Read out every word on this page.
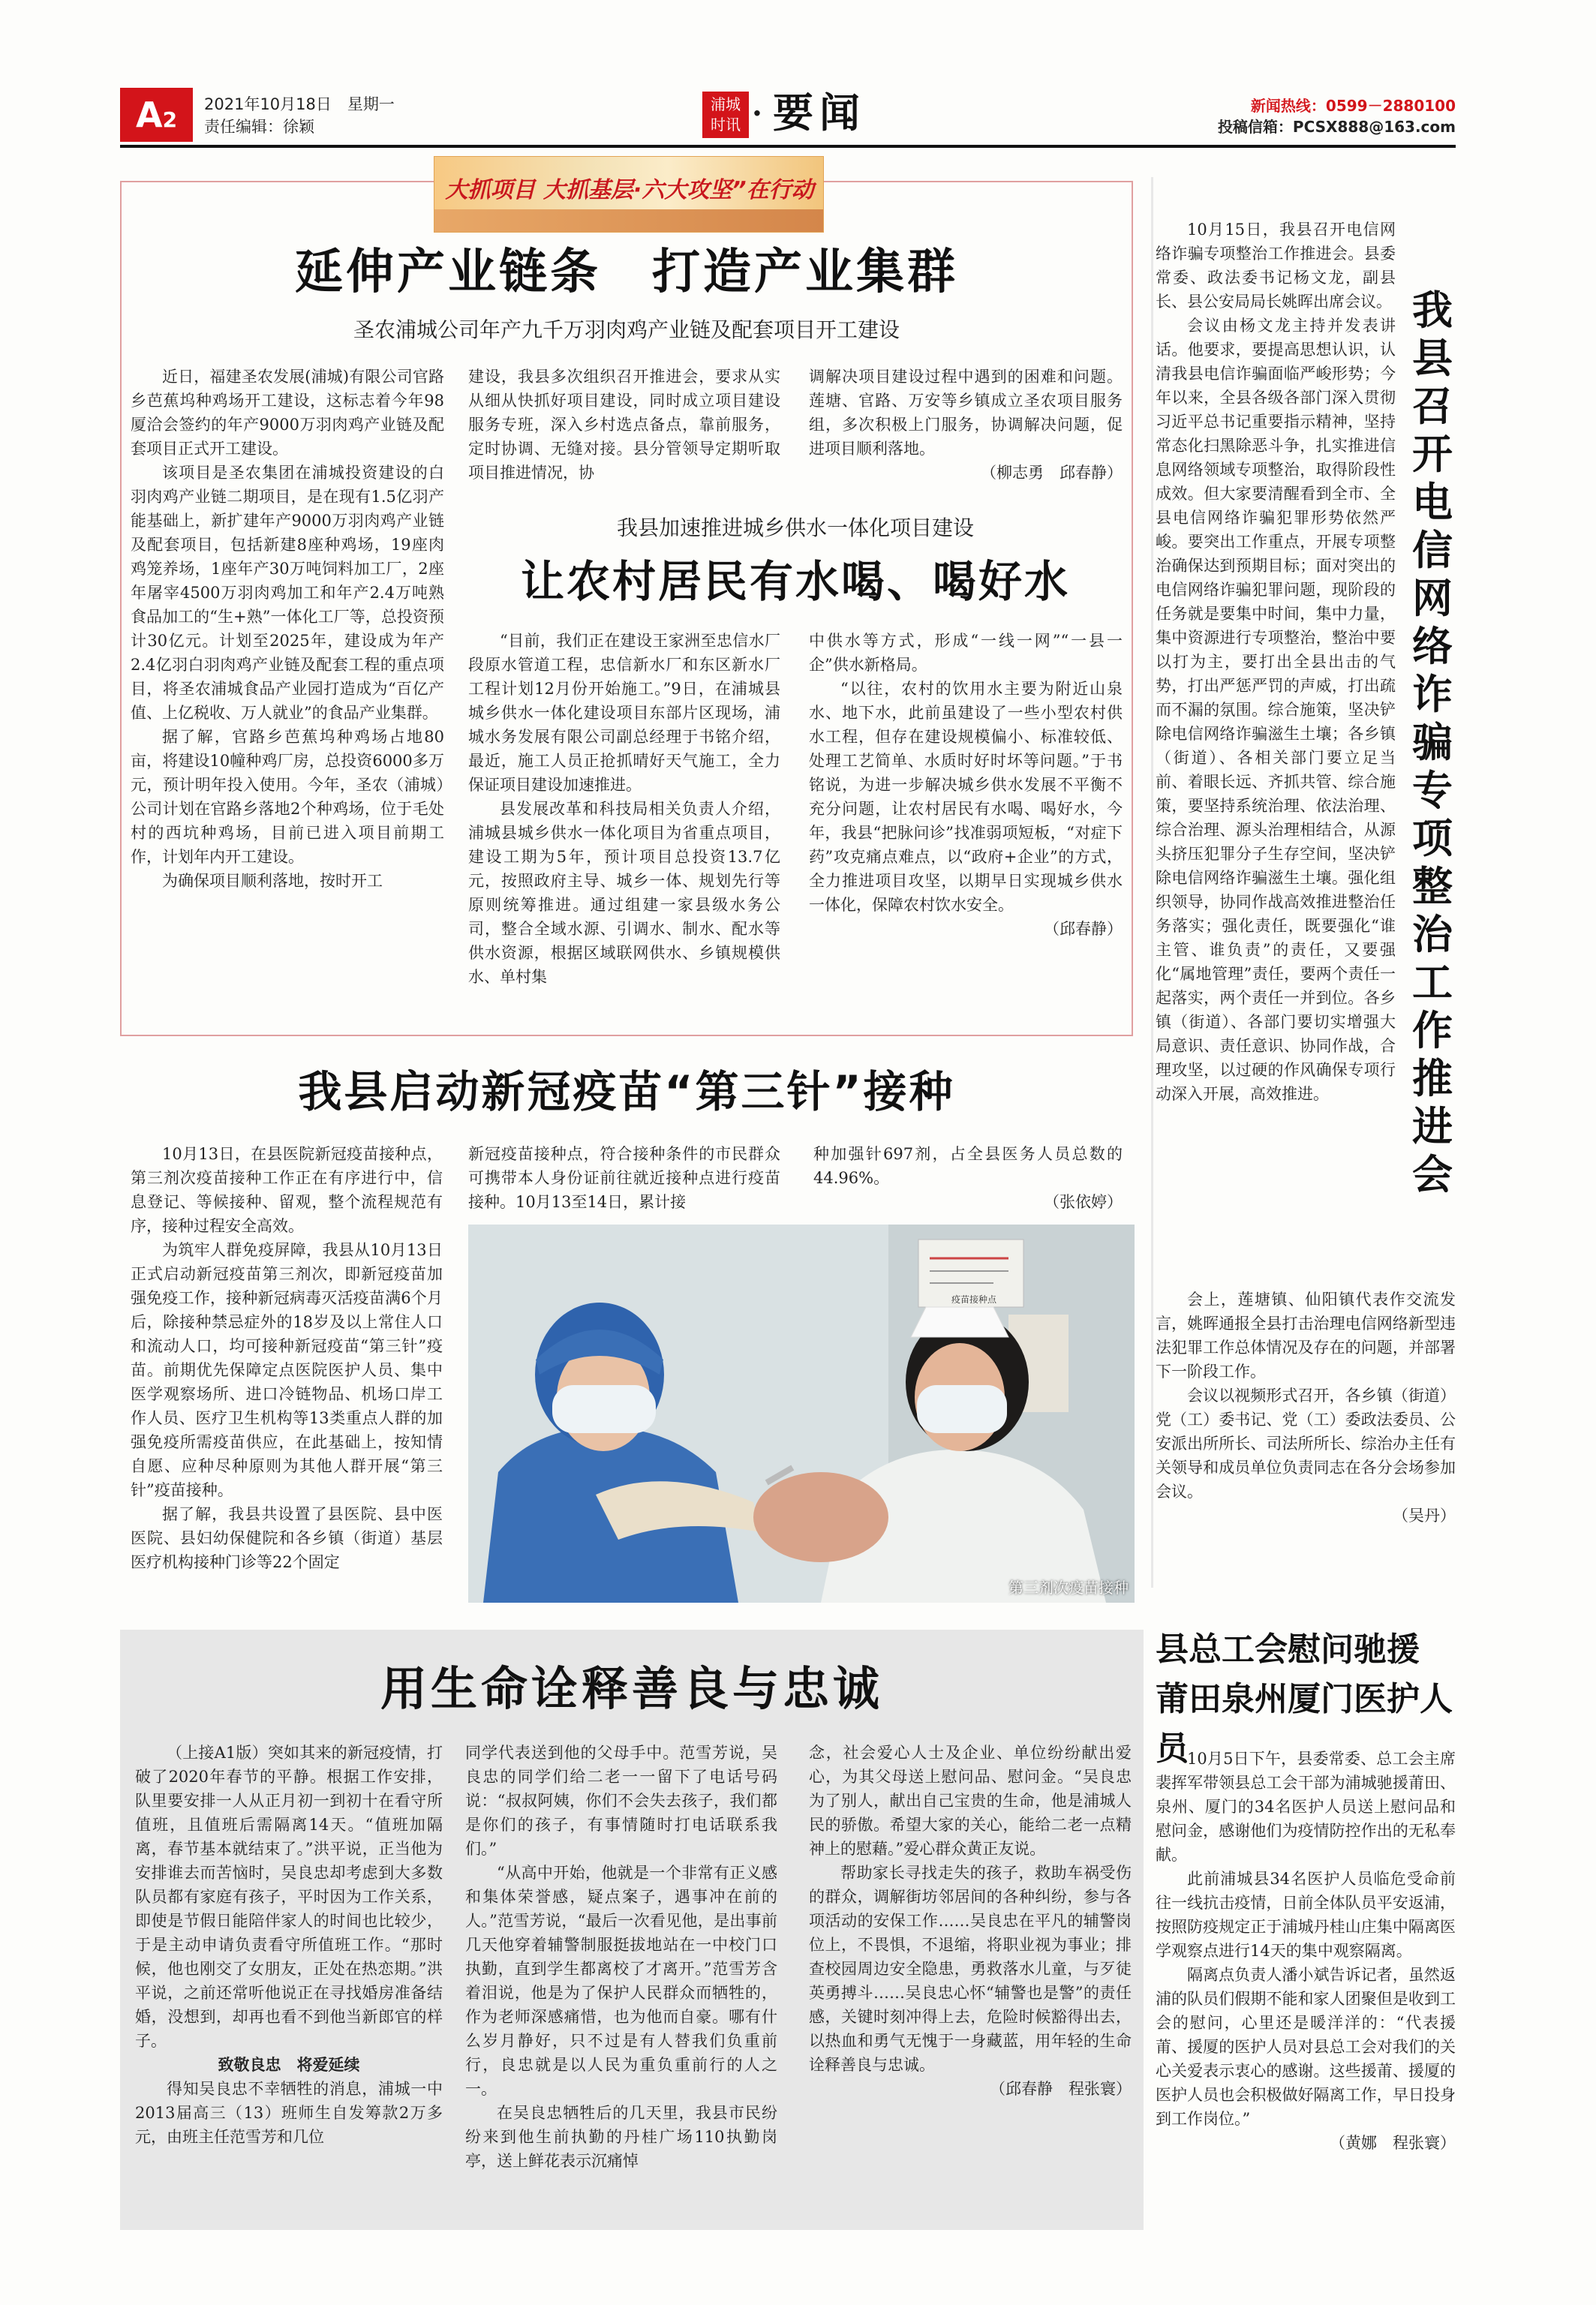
A2
2021年10月18日　星期一
责任编辑：徐颖
浦城
时讯 · 要闻	新闻热线：0599－2880100
投稿信箱：PCSX888@163.com
大抓项目 大抓基层·六大攻坚”在行动
延伸产业链条　打造产业集群
圣农浦城公司年产九千万羽肉鸡产业链及配套项目开工建设

近日，福建圣农发展(浦城)有限公司官路乡芭蕉坞种鸡场开工建设，这标志着今年98厦洽会签约的年产9000万羽肉鸡产业链及配套项目正式开工建设。

该项目是圣农集团在浦城投资建设的白羽肉鸡产业链二期项目，是在现有1.5亿羽产能基础上，新扩建年产9000万羽肉鸡产业链及配套项目，包括新建8座种鸡场，19座肉鸡笼养场，1座年产30万吨饲料加工厂，2座年屠宰4500万羽肉鸡加工和年产2.4万吨熟食品加工的“生+熟”一体化工厂等，总投资预计30亿元。计划至2025年，建设成为年产2.4亿羽白羽肉鸡产业链及配套工程的重点项目，将圣农浦城食品产业园打造成为“百亿产值、上亿税收、万人就业”的食品产业集群。

据了解，官路乡芭蕉坞种鸡场占地80亩，将建设10幢种鸡厂房，总投资6000多万元，预计明年投入使用。今年，圣农（浦城）公司计划在官路乡落地2个种鸡场，位于毛处村的西坑种鸡场，目前已进入项目前期工作，计划年内开工建设。

为确保项目顺利落地，按时开工

建设，我县多次组织召开推进会，要求从实从细从快抓好项目建设，同时成立项目建设服务专班，深入乡村选点备点，靠前服务，定时协调、无缝对接。县分管领导定期听取项目推进情况，协

调解决项目建设过程中遇到的困难和问题。莲塘、官路、万安等乡镇成立圣农项目服务组，多次积极上门服务，协调解决问题，促进项目顺利落地。

（柳志勇　邱春静）
我县加速推进城乡供水一体化项目建设
让农村居民有水喝、喝好水

“目前，我们正在建设王家洲至忠信水厂段原水管道工程，忠信新水厂和东区新水厂工程计划12月份开始施工。”9日，在浦城县城乡供水一体化建设项目东部片区现场，浦城水务发展有限公司副总经理于书铭介绍，最近，施工人员正抢抓晴好天气施工，全力保证项目建设加速推进。

县发展改革和科技局相关负责人介绍，浦城县城乡供水一体化项目为省重点项目，建设工期为5年，预计项目总投资13.7亿元，按照政府主导、城乡一体、规划先行等原则统筹推进。通过组建一家县级水务公司，整合全域水源、引调水、制水、配水等供水资源，根据区域联网供水、乡镇规模供水、单村集

中供水等方式，形成“一线一网”“一县一企”供水新格局。

“以往，农村的饮用水主要为附近山泉水、地下水，此前虽建设了一些小型农村供水工程，但存在建设规模偏小、标准较低、处理工艺简单、水质时好时坏等问题。”于书铭说，为进一步解决城乡供水发展不平衡不充分问题，让农村居民有水喝、喝好水，今年，我县“把脉问诊”找准弱项短板，“对症下药”攻克痛点难点，以“政府+企业”的方式，全力推进项目攻坚，以期早日实现城乡供水一体化，保障农村饮水安全。

（邱春静）
我县启动新冠疫苗“第三针”接种

10月13日，在县医院新冠疫苗接种点，第三剂次疫苗接种工作正在有序进行中，信息登记、等候接种、留观，整个流程规范有序，接种过程安全高效。

为筑牢人群免疫屏障，我县从10月13日正式启动新冠疫苗第三剂次，即新冠疫苗加强免疫工作，接种新冠病毒灭活疫苗满6个月后，除接种禁忌症外的18岁及以上常住人口和流动人口，均可接种新冠疫苗“第三针”疫苗。前期优先保障定点医院医护人员、集中医学观察场所、进口冷链物品、机场口岸工作人员、医疗卫生机构等13类重点人群的加强免疫所需疫苗供应，在此基础上，按知情自愿、应种尽种原则为其他人群开展“第三针”疫苗接种。

据了解，我县共设置了县医院、县中医医院、县妇幼保健院和各乡镇（街道）基层医疗机构接种门诊等22个固定

新冠疫苗接种点，符合接种条件的市民群众可携带本人身份证前往就近接种点进行疫苗接种。10月13至14日，累计接

种加强针697剂，占全县医务人员总数的44.96%。

（张依婷）
第三剂次疫苗接种
疫苗接种点
我县召开电信网络诈骗专项整治工作推进会

10月15日，我县召开电信网络诈骗专项整治工作推进会。县委常委、政法委书记杨文龙，副县长、县公安局局长姚晖出席会议。

会议由杨文龙主持并发表讲话。他要求，要提高思想认识，认清我县电信诈骗面临严峻形势；今年以来，全县各级各部门深入贯彻习近平总书记重要指示精神，坚持常态化扫黑除恶斗争，扎实推进信息网络领域专项整治，取得阶段性成效。但大家要清醒看到全市、全县电信网络诈骗犯罪形势依然严峻。要突出工作重点，开展专项整治确保达到预期目标；面对突出的电信网络诈骗犯罪问题，现阶段的任务就是要集中时间，集中力量，集中资源进行专项整治，整治中要以打为主，要打出全县出击的气势，打出严惩严罚的声威，打出疏而不漏的氛围。综合施策，坚决铲除电信网络诈骗滋生土壤；各乡镇（街道）、各相关部门要立足当前、着眼长远、齐抓共管、综合施策，要坚持系统治理、依法治理、综合治理、源头治理相结合，从源头挤压犯罪分子生存空间，坚决铲除电信网络诈骗滋生土壤。强化组织领导，协同作战高效推进整治任务落实；强化责任，既要强化“谁主管、谁负责”的责任，又要强化“属地管理”责任，要两个责任一起落实，两个责任一并到位。各乡镇（街道）、各部门要切实增强大局意识、责任意识、协同作战，合理攻坚，以过硬的作风确保专项行动深入开展，高效推进。

会上，莲塘镇、仙阳镇代表作交流发言，姚晖通报全县打击治理电信网络新型违法犯罪工作总体情况及存在的问题，并部署下一阶段工作。

会议以视频形式召开，各乡镇（街道）党（工）委书记、党（工）委政法委员、公安派出所所长、司法所所长、综治办主任有关领导和成员单位负责同志在各分会场参加会议。

（吴丹）
用生命诠释善良与忠诚

（上接A1版）突如其来的新冠疫情，打破了2020年春节的平静。根据工作安排，队里要安排一人从正月初一到初十在看守所值班，且值班后需隔离14天。“值班加隔离，春节基本就结束了。”洪平说，正当他为安排谁去而苦恼时，吴良忠却考虑到大多数队员都有家庭有孩子，平时因为工作关系，即使是节假日能陪伴家人的时间也比较少，于是主动申请负责看守所值班工作。“那时候，他也刚交了女朋友，正处在热恋期。”洪平说，之前还常听他说正在寻找婚房准备结婚，没想到，却再也看不到他当新郎官的样子。

致敬良忠　将爱延续

得知吴良忠不幸牺牲的消息，浦城一中2013届高三（13）班师生自发筹款2万多元，由班主任范雪芳和几位

同学代表送到他的父母手中。范雪芳说，吴良忠的同学们给二老一一留下了电话号码说：“叔叔阿姨，你们不会失去孩子，我们都是你们的孩子，有事情随时打电话联系我们。”

“从高中开始，他就是一个非常有正义感和集体荣誉感，疑点案子，遇事冲在前的人。”范雪芳说，“最后一次看见他，是出事前几天他穿着辅警制服挺拔地站在一中校门口执勤，直到学生都离校了才离开。”范雪芳含着泪说，他是为了保护人民群众而牺牲的，作为老师深感痛惜，也为他而自豪。哪有什么岁月静好，只不过是有人替我们负重前行，良忠就是以人民为重负重前行的人之一。

在吴良忠牺牲后的几天里，我县市民纷纷来到他生前执勤的丹桂广场110执勤岗亭，送上鲜花表示沉痛悼

念，社会爱心人士及企业、单位纷纷献出爱心，为其父母送上慰问品、慰问金。“吴良忠为了别人，献出自己宝贵的生命，他是浦城人民的骄傲。希望大家的关心，能给二老一点精神上的慰藉。”爱心群众黄正友说。

帮助家长寻找走失的孩子，救助车祸受伤的群众，调解街坊邻居间的各种纠纷，参与各项活动的安保工作……吴良忠在平凡的辅警岗位上，不畏惧，不退缩，将职业视为事业；排查校园周边安全隐患，勇救落水儿童，与歹徒英勇搏斗……吴良忠心怀“辅警也是警”的责任感，关键时刻冲得上去，危险时候豁得出去，以热血和勇气无愧于一身藏蓝，用年轻的生命诠释善良与忠诚。

（邱春静　程张寰）
县总工会慰问驰援
莆田泉州厦门医护人员

10月5日下午，县委常委、总工会主席裴挥军带领县总工会干部为浦城驰援莆田、泉州、厦门的34名医护人员送上慰问品和慰问金，感谢他们为疫情防控作出的无私奉献。

此前浦城县34名医护人员临危受命前往一线抗击疫情，日前全体队员平安返浦，按照防疫规定正于浦城丹桂山庄集中隔离医学观察点进行14天的集中观察隔离。

隔离点负责人潘小斌告诉记者，虽然返浦的队员们假期不能和家人团聚但是收到工会的慰问，心里还是暖洋洋的：“代表援莆、援厦的医护人员对县总工会对我们的关心关爱表示衷心的感谢。这些援莆、援厦的医护人员也会积极做好隔离工作，早日投身到工作岗位。”

（黄娜　程张寰）
